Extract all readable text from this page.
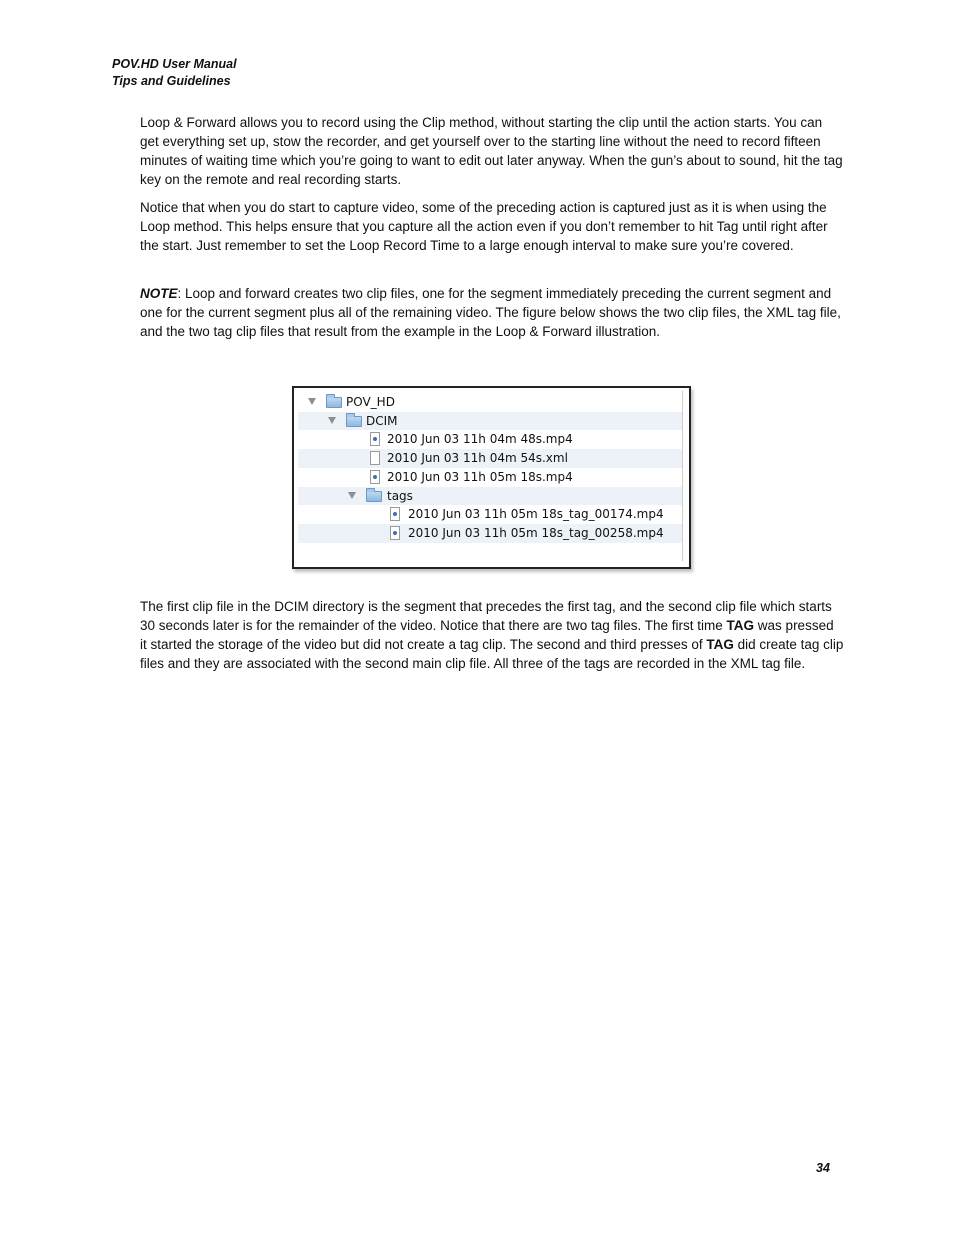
POV.HD User Manual
Tips and Guidelines

Loop & Forward allows you to record using the Clip method, without starting the clip until the action starts. You can get everything set up, stow the recorder, and get yourself over to the starting line without the need to record fifteen minutes of waiting time which you’re going to want to edit out later anyway. When the gun’s about to sound, hit the tag key on the remote and real recording starts.

Notice that when you do start to capture video, some of the preceding action is captured just as it is when using the Loop method. This helps ensure that you capture all the action even if you don’t remember to hit Tag until right after the start. Just remember to set the Loop Record Time to a large enough interval to make sure you’re covered.

NOTE: Loop and forward creates two clip files, one for the segment immediately preceding the current segment and one for the current segment plus all of the remaining video. The figure below shows the two clip files, the XML tag file, and the two tag clip files that result from the example in the Loop & Forward illustration.

POV_HD
DCIM
2010 Jun 03 11h 04m 48s.mp4
2010 Jun 03 11h 04m 54s.xml
2010 Jun 03 11h 05m 18s.mp4
tags
2010 Jun 03 11h 05m 18s_tag_00174.mp4
2010 Jun 03 11h 05m 18s_tag_00258.mp4

The first clip file in the DCIM directory is the segment that precedes the first tag, and the second clip file which starts 30 seconds later is for the remainder of the video. Notice that there are two tag files. The first time TAG was pressed it started the storage of the video but did not create a tag clip. The second and third presses of TAG did create tag clip files and they are associated with the second main clip file. All three of the tags are recorded in the XML tag file.

34
